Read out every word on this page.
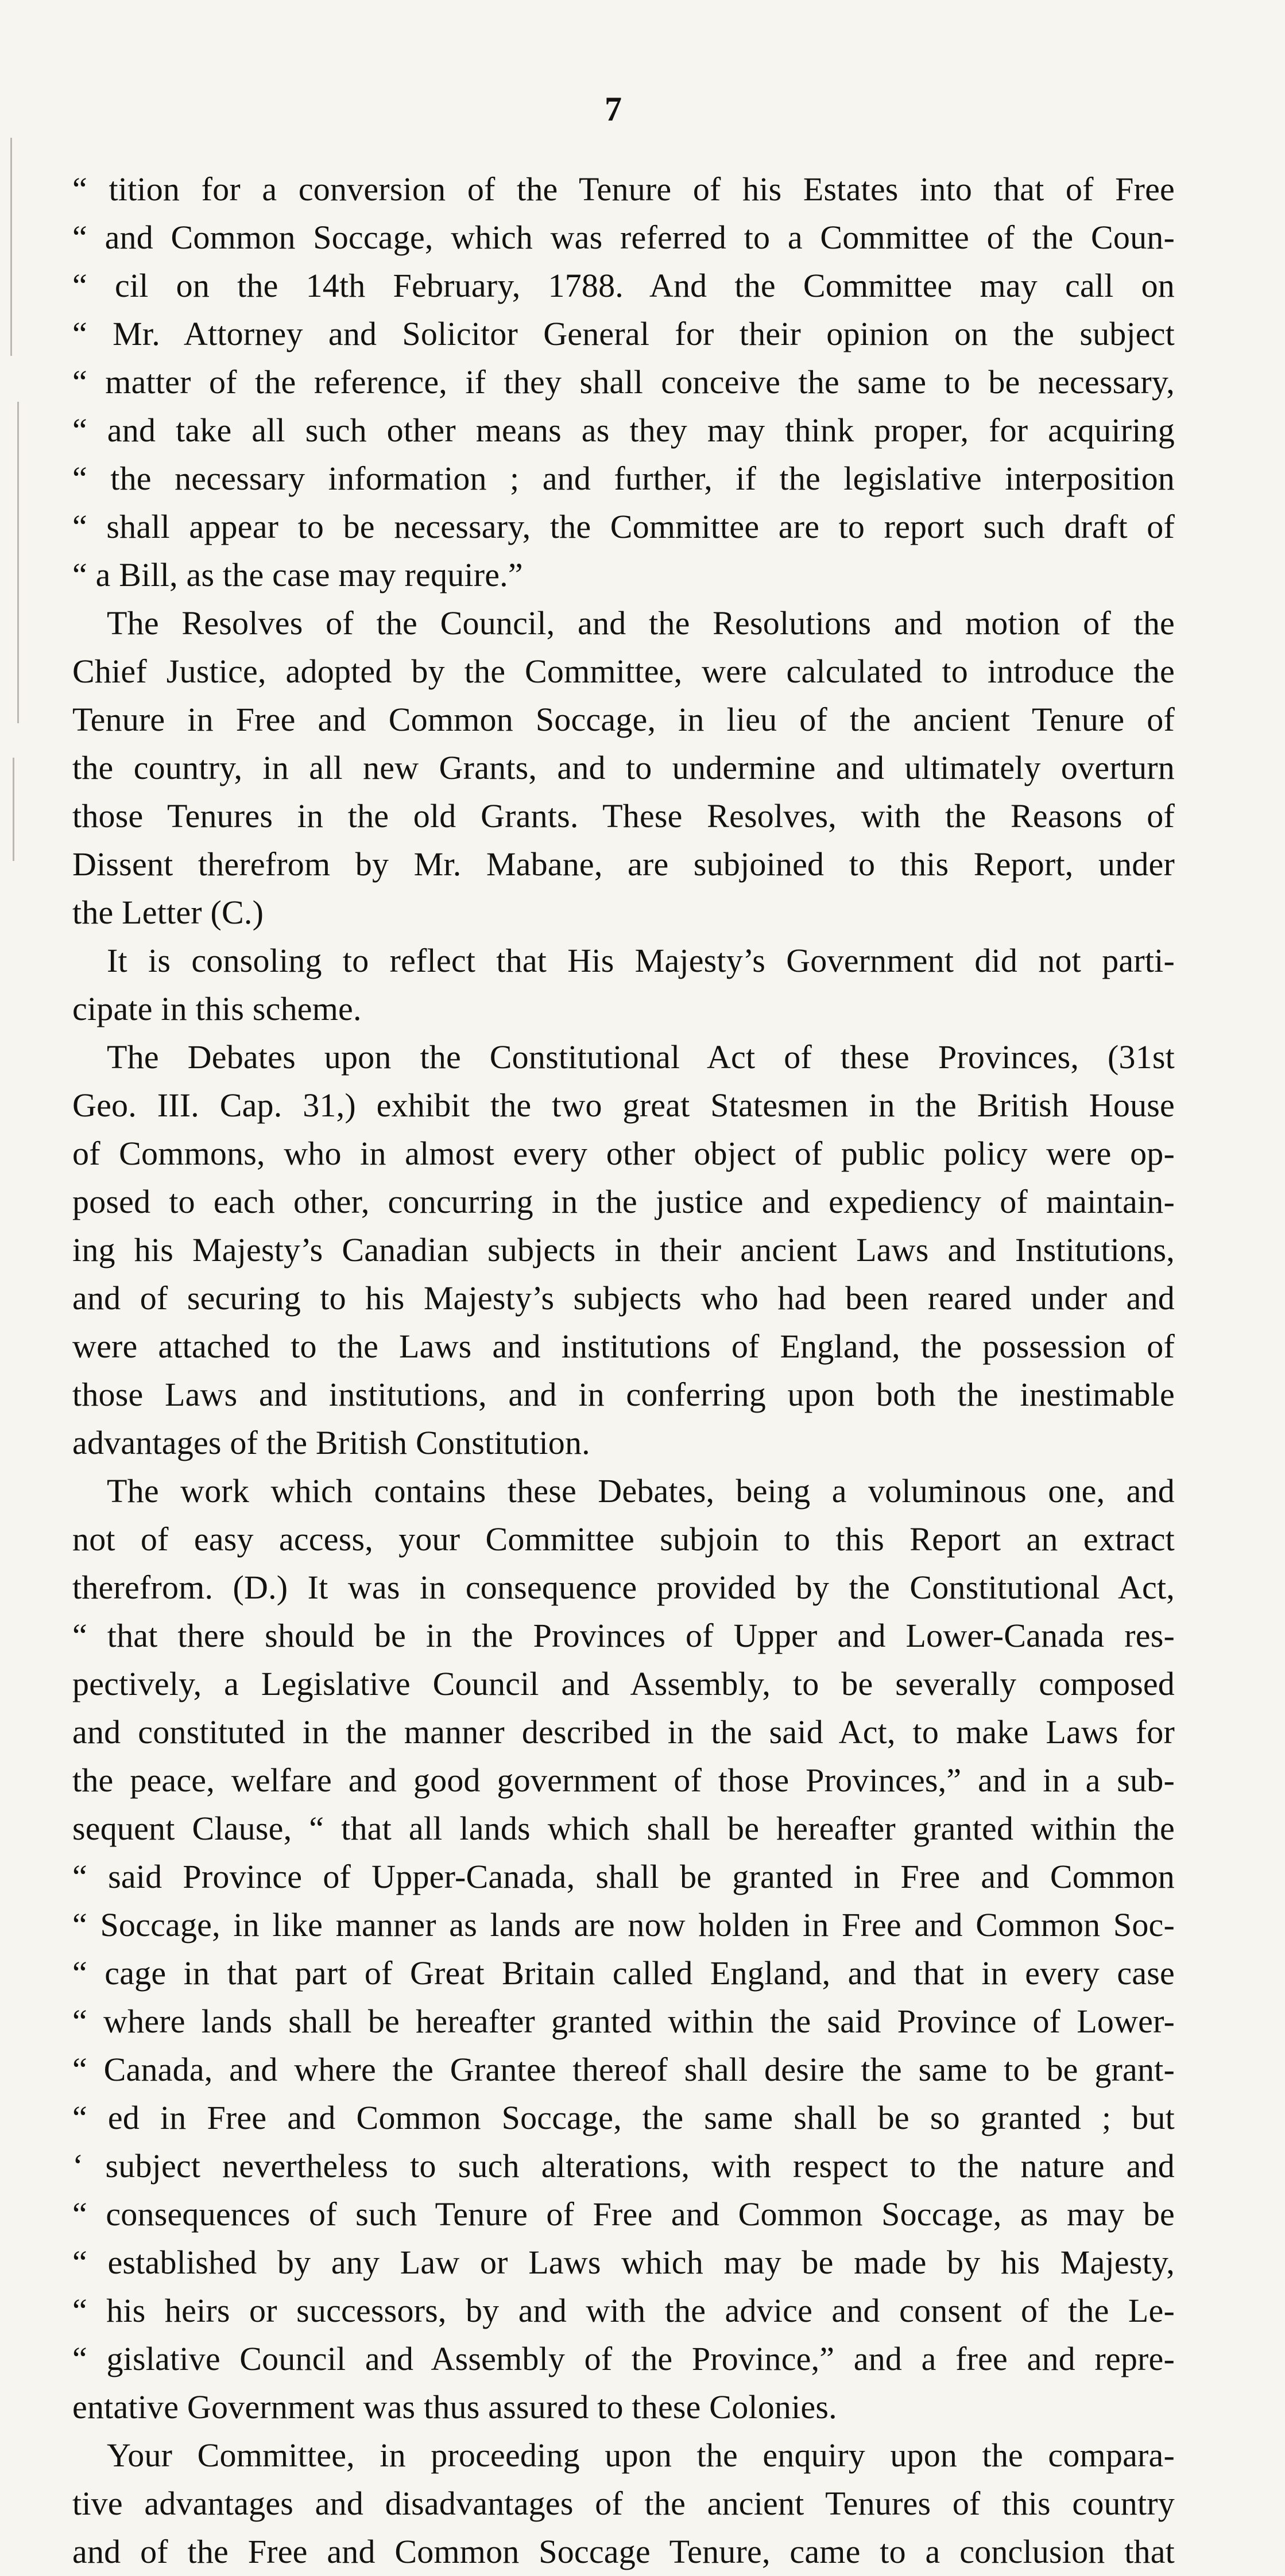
7
“ tition for a conversion of the Tenure of his Estates into that of Free
“ and Common Soccage, which was referred to a Committee of the Coun-
“ cil on the 14th February, 1788. And the Committee may call on
“ Mr. Attorney and Solicitor General for their opinion on the subject
“ matter of the reference, if they shall conceive the same to be necessary,
“ and take all such other means as they may think proper, for acquiring
“ the necessary information ; and further, if the legislative interposition
“ shall appear to be necessary, the Committee are to report such draft of
“ a Bill, as the case may require.”
The Resolves of the Council, and the Resolutions and motion of the
Chief Justice, adopted by the Committee, were calculated to introduce the
Tenure in Free and Common Soccage, in lieu of the ancient Tenure of
the country, in all new Grants, and to undermine and ultimately overturn
those Tenures in the old Grants. These Resolves, with the Reasons of
Dissent therefrom by Mr. Mabane, are subjoined to this Report, under
the Letter (C.)
It is consoling to reflect that His Majesty’s Government did not parti-
cipate in this scheme.
The Debates upon the Constitutional Act of these Provinces, (31st
Geo. III. Cap. 31,) exhibit the two great Statesmen in the British House
of Commons, who in almost every other object of public policy were op-
posed to each other, concurring in the justice and expediency of maintain-
ing his Majesty’s Canadian subjects in their ancient Laws and Institutions,
and of securing to his Majesty’s subjects who had been reared under and
were attached to the Laws and institutions of England, the possession of
those Laws and institutions, and in conferring upon both the inestimable
advantages of the British Constitution.
The work which contains these Debates, being a voluminous one, and
not of easy access, your Committee subjoin to this Report an extract
therefrom. (D.) It was in consequence provided by the Constitutional Act,
“ that there should be in the Provinces of Upper and Lower-Canada res-
pectively, a Legislative Council and Assembly, to be severally composed
and constituted in the manner described in the said Act, to make Laws for
the peace, welfare and good government of those Provinces,” and in a sub-
sequent Clause, “ that all lands which shall be hereafter granted within the
“ said Province of Upper-Canada, shall be granted in Free and Common
“ Soccage, in like manner as lands are now holden in Free and Common Soc-
“ cage in that part of Great Britain called England, and that in every case
“ where lands shall be hereafter granted within the said Province of Lower-
“ Canada, and where the Grantee thereof shall desire the same to be grant-
“ ed in Free and Common Soccage, the same shall be so granted ; but
‘ subject nevertheless to such alterations, with respect to the nature and
“ consequences of such Tenure of Free and Common Soccage, as may be
“ established by any Law or Laws which may be made by his Majesty,
“ his heirs or successors, by and with the advice and consent of the Le-
“ gislative Council and Assembly of the Province,” and a free and repre-
entative Government was thus assured to these Colonies.
Your Committee, in proceeding upon the enquiry upon the compara-
tive advantages and disadvantages of the ancient Tenures of this country
and of the Free and Common Soccage Tenure, came to a conclusion that
